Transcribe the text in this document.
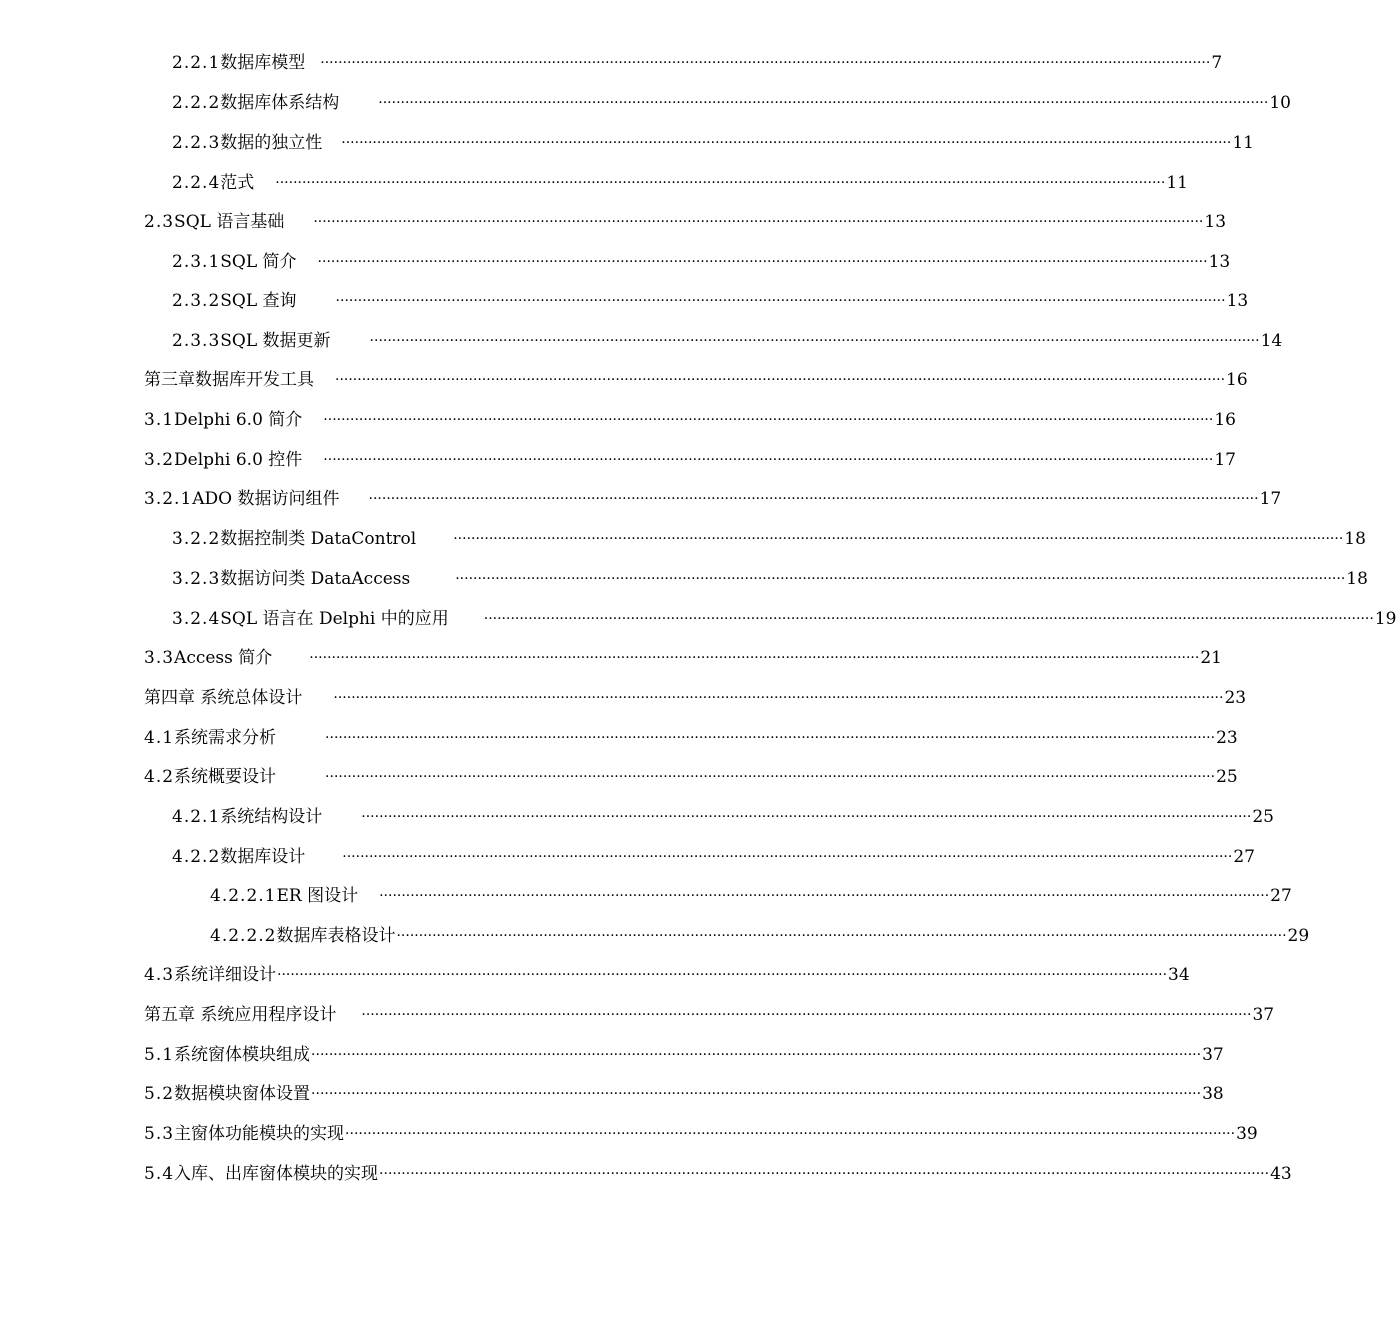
2.2.1 数据库模型 ········································································································································································································ 7
2.2.2 数据库体系结构	········································································································································································································ 10
2.2.3 数据的独立性 ········································································································································································································ 11
2.2.4 范式 ········································································································································································································ 11
2.3 SQL 语言基础 ········································································································································································································ 13
2.3.1 SQL 简介 ········································································································································································································ 13
2.3.2 SQL 查询	········································································································································································································ 13
2.3.3 SQL 数据更新	········································································································································································································ 14
第三章数据库开发工具 ········································································································································································································ 16
3.1 Delphi 6.0 简介 ········································································································································································································ 16
3.2 Delphi 6.0 控件 ········································································································································································································ 17
3.2.1 ADO 数据访问组件 ········································································································································································································ 17
3.2.2 数据控制类 DataControl	········································································································································································································ 18
3.2.3 数据访问类 DataAccess	········································································································································································································ 18
3.2.4 SQL 语言在 Delphi 中的应用	········································································································································································································ 19
3.3 Access 简介	········································································································································································································ 21
第四章 系统总体设计 ········································································································································································································ 23
4.1 系统需求分析	········································································································································································································ 23
4.2 系统概要设计	········································································································································································································ 25
4.2.1 系统结构设计	········································································································································································································ 25
4.2.2 数据库设计	········································································································································································································ 27
4.2.2.1 ER 图设计 ········································································································································································································ 27
4.2.2.2 数据库表格设计 ········································································································································································································ 29
4.3 系统详细设计 ········································································································································································································ 34
第五章 系统应用程序设计 ········································································································································································································ 37
5.1 系统窗体模块组成 ········································································································································································································ 37
5.2 数据模块窗体设置 ········································································································································································································ 38
5.3 主窗体功能模块的实现 ········································································································································································································ 39
5.4 入库、出库窗体模块的实现 ········································································································································································································ 43
